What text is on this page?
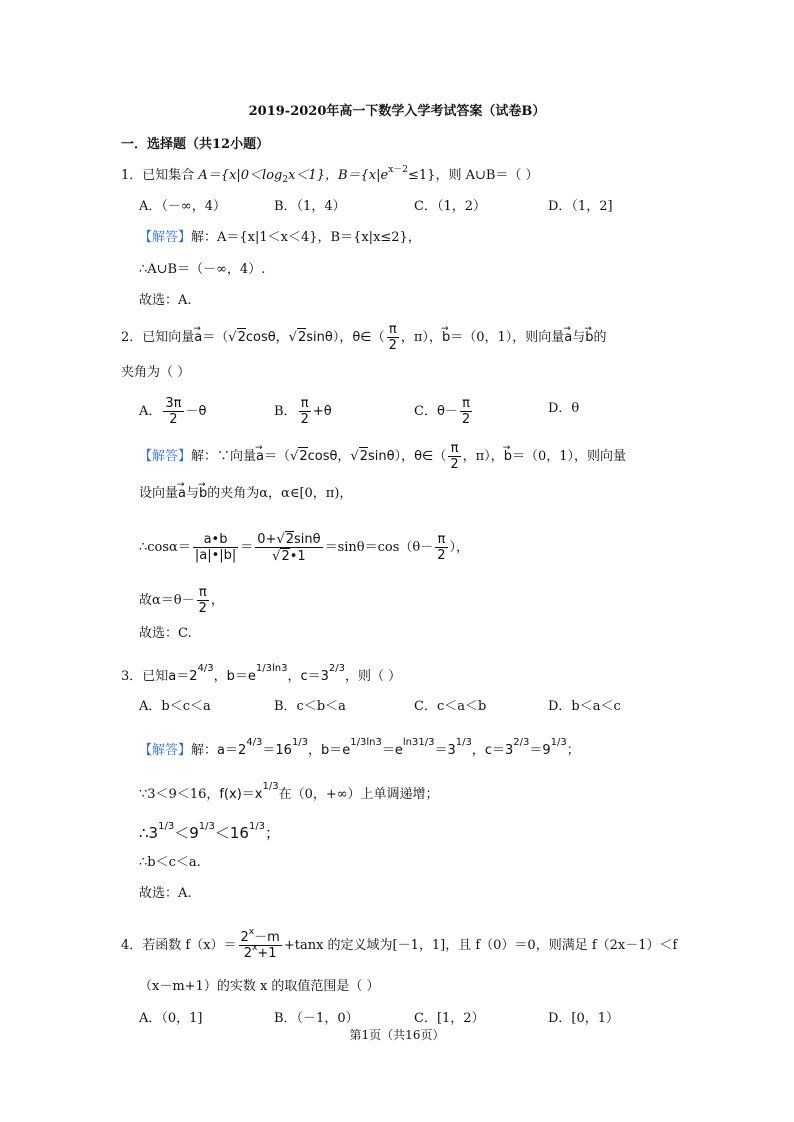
2019-2020年高一下数学入学考试答案（试卷B）
一．选择题（共12小题）
1．已知集合 $A=\{x|0<\log_2x<1\}$，$B=\{x|e^{x-2}\le 1\}$，则 A∪B＝（ ）
A．（－∞，4）	B．（1，4）	C．（1，2）	D．（1，2]
【解答】解：A＝{x|1＜x＜4}，B＝{x|x≤2}，
∴A∪B＝（－∞，4）.
故选：A.
2．已知向量→ a＝（√2cosθ，√2sinθ），θ∈（ $\frac{\pi}{2}$ ，π），→ b＝（0，1），则向量→ a与→ b的
夹角为（ ）
A． $\frac{3\pi}{2} -\theta$	B． $\frac{\pi}{2} +\theta$	C．$\theta- \frac{\pi}{2}$	D．θ
【解答】解：∵向量→ a＝（√2cosθ，√2sinθ），θ∈（ $\frac{\pi}{2}$ ，π），→ b＝（0，1），则向量
设向量→ a与→ b的夹角为α，α∈[0，π)，
∴cosα＝ $\frac{a•b}{|a|•|b|} = \frac{0+√2\sin\theta}{√2•1} =\sin\theta=\cos(\theta- \frac{\pi}{2}$ ），
故$\alpha=\theta- \frac{\pi}{2}$ ，
故选：C.
3．已知$a=2^{4/3}$，$b=e^{1/3ln3}$，$c=3^{2/3}$，则（ ）
A．b＜c＜a	B．c＜b＜a	C．c＜a＜b	D．b＜a＜c
【解答】解：$a=2^{4/3}=16^{1/3}$，$b=e^{1/3ln3}=e^{ln31/3}=3^{1/3}$，$c=3^{2/3}=9^{1/3}$；
∵3＜9＜16，$f(x)=x^{1/3}$在（0，+∞）上单调递增；
$\therefore 3^{1/3}<9^{1/3}<16^{1/3}$；
∴b＜c＜a.
故选：A.
4．若函数 $f(x)= \frac{2^x-m}{2^x+1} +\tan x$ 的定义域为[－1，1]，且 f（0）＝0，则满足 f（2x－1）＜f
（x－m+1）的实数 x 的取值范围是（ ）
A．（0，1]	B．（－1，0）	C．[1，2）	D．[0，1）
第1页（共16页）
